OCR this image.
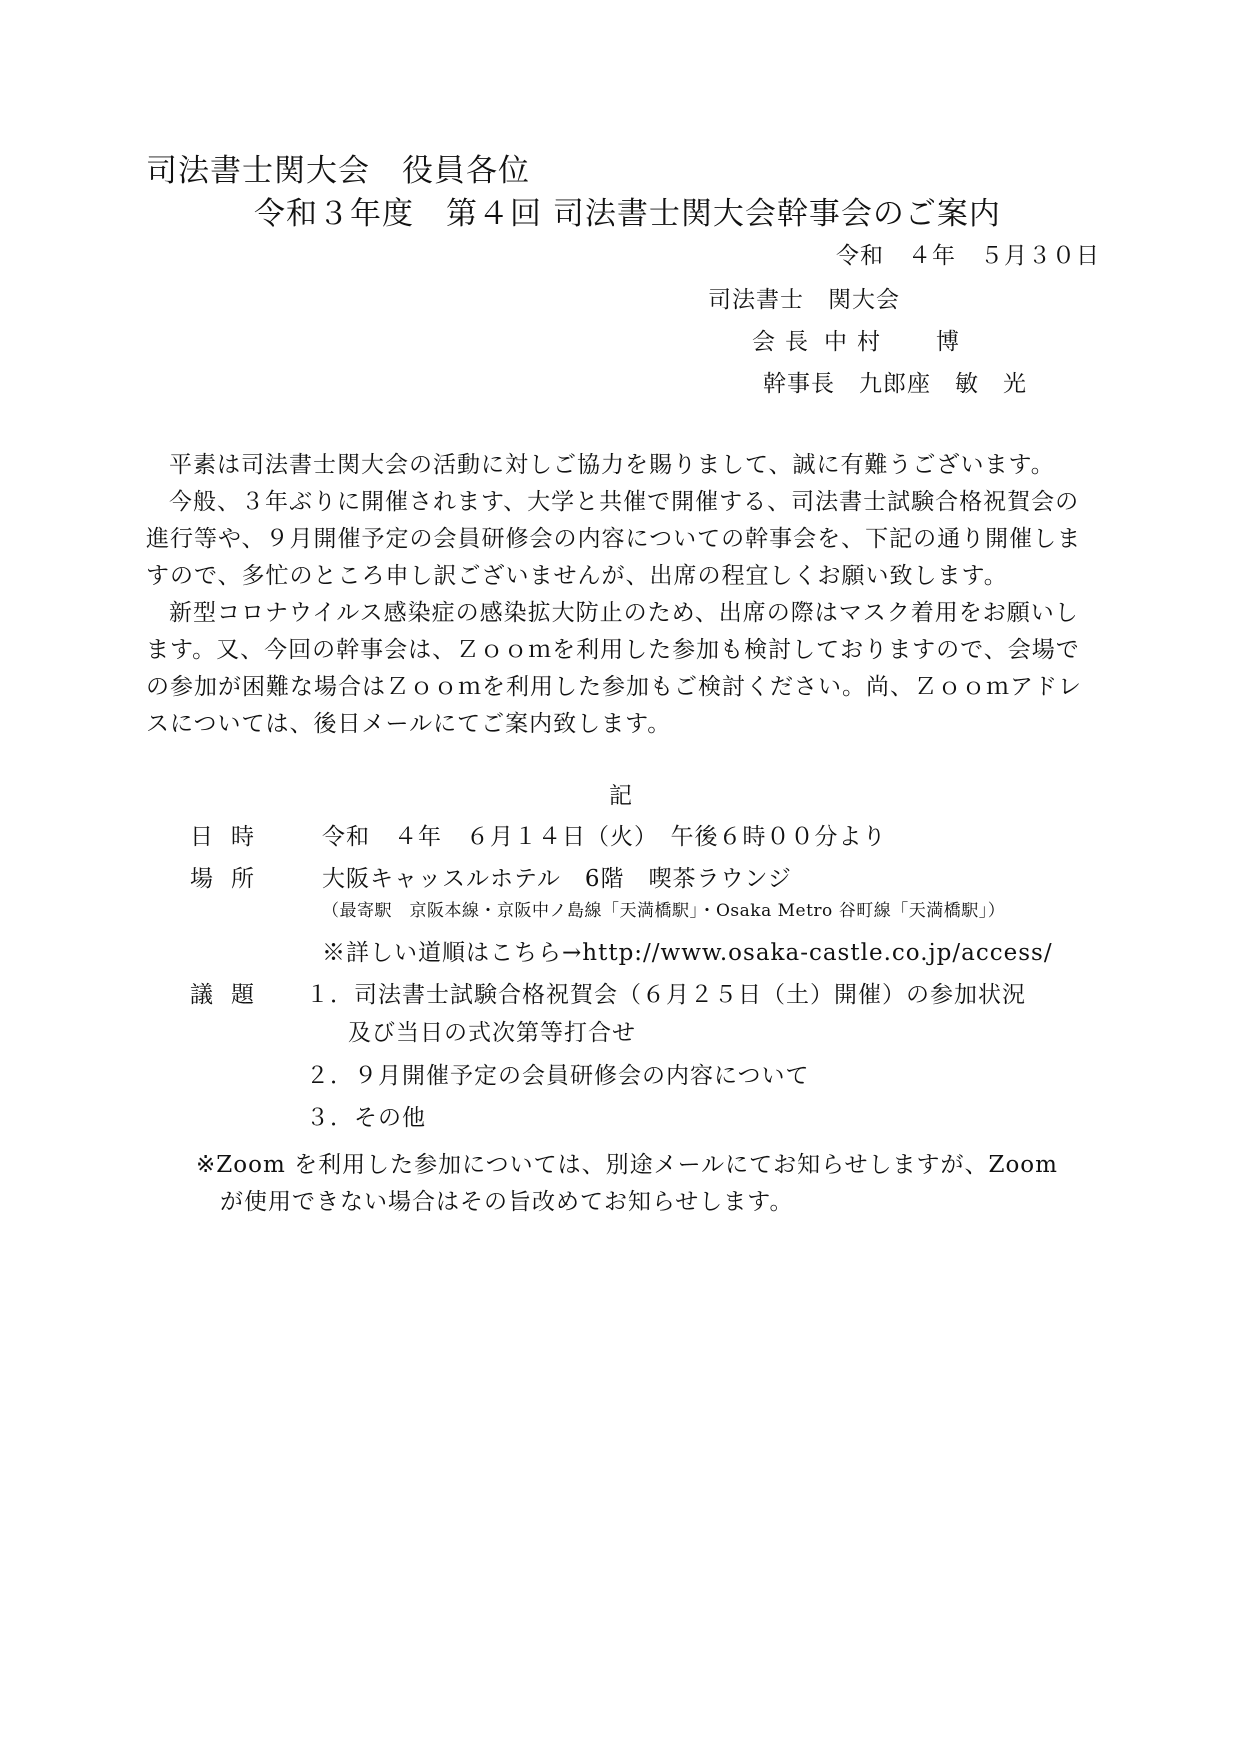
司法書士関大会　役員各位
令和３年度　第４回 司法書士関大会幹事会のご案内
令和　４年　５月３０日
司法書士　関大会
会長 中村 博
幹事長　九郎座　敏　光

平素は司法書士関大会の活動に対しご協力を賜りまして、誠に有難うございます。

今般、３年ぶりに開催されます、大学と共催で開催する、司法書士試験合格祝賀会の進行等や、９月開催予定の会員研修会の内容についての幹事会を、下記の通り開催しますので、多忙のところ申し訳ございませんが、出席の程宜しくお願い致します。

新型コロナウイルス感染症の感染拡大防止のため、出席の際はマスク着用をお願いします。又、今回の幹事会は、Ｚｏｏｍを利用した参加も検討しておりますので、会場での参加が困難な場合はＺｏｏｍを利用した参加もご検討ください。尚、Ｚｏｏｍアドレスについては、後日メールにてご案内致します。

記
日時 令和　４年　６月１４日（火）　午後６時００分より
場所 大阪キャッスルホテル　6階　喫茶ラウンジ
（最寄駅　京阪本線・京阪中ノ島線「天満橋駅」・Osaka Metro 谷町線「天満橋駅」）
※詳しい道順はこちら→http://www.osaka-castle.co.jp/access/
議題 １．司法書士試験合格祝賀会（６月２５日（土）開催）の参加状況
及び当日の式次第等打合せ
２．９月開催予定の会員研修会の内容について
３．その他
※Zoom を利用した参加については、別途メールにてお知らせしますが、Zoom
が使用できない場合はその旨改めてお知らせします。
